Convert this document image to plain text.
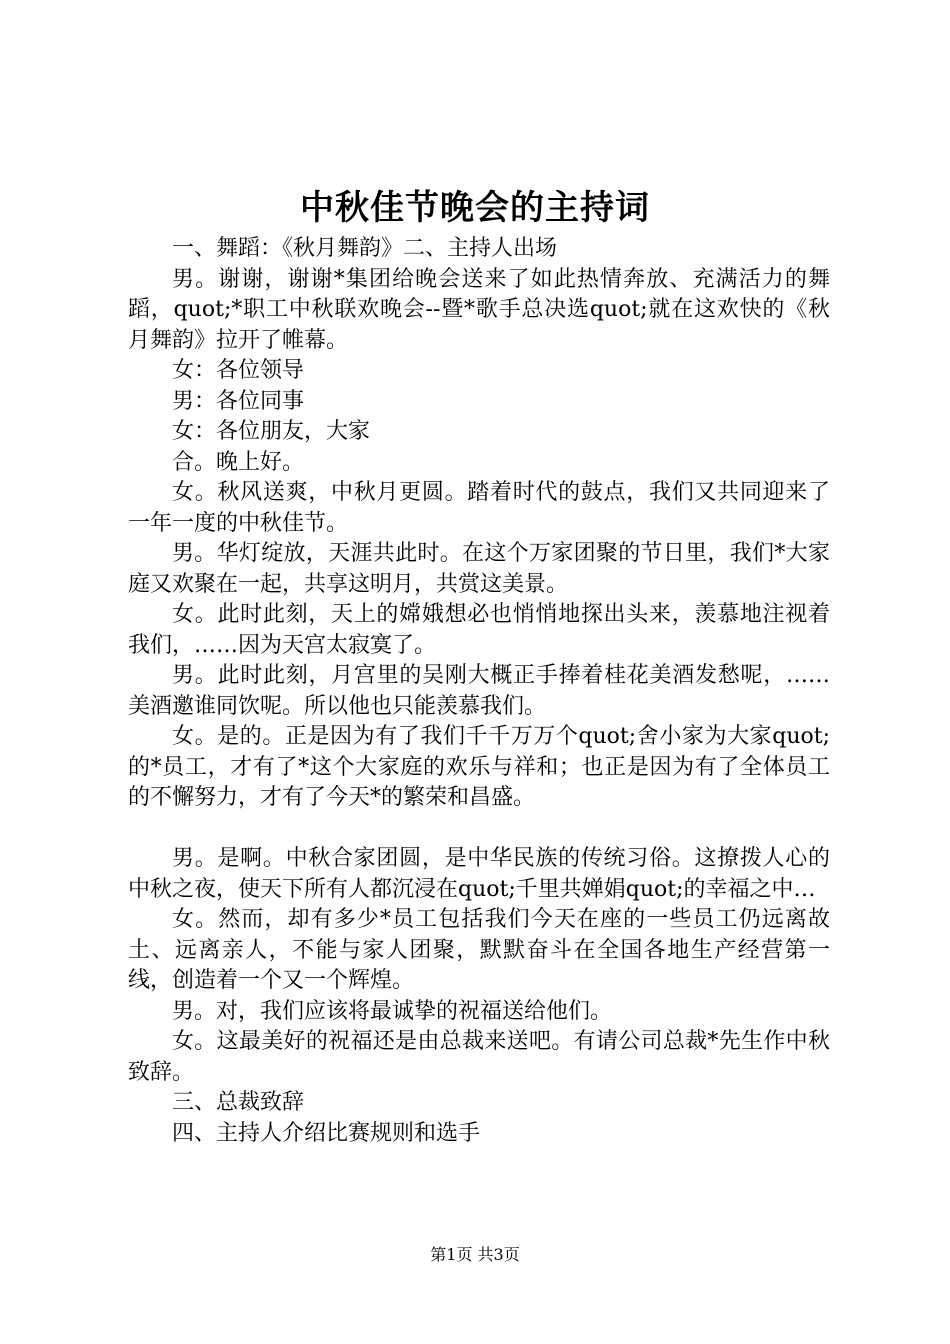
中秋佳节晚会的主持词

一、舞蹈：《秋月舞韵》二、主持人出场

男。谢谢，谢谢*集团给晚会送来了如此热情奔放、充满活力的舞蹈，quot;*职工中秋联欢晚会--暨*歌手总决选quot;就在这欢快的《秋月舞韵》拉开了帷幕。

女：各位领导

男：各位同事

女：各位朋友，大家

合。晚上好。

女。秋风送爽，中秋月更圆。踏着时代的鼓点，我们又共同迎来了一年一度的中秋佳节。

男。华灯绽放，天涯共此时。在这个万家团聚的节日里，我们*大家庭又欢聚在一起，共享这明月，共赏这美景。

女。此时此刻，天上的嫦娥想必也悄悄地探出头来，羡慕地注视着我们，……因为天宫太寂寞了。

男。此时此刻，月宫里的吴刚大概正手捧着桂花美酒发愁呢，……美酒邀谁同饮呢。所以他也只能羡慕我们。

女。是的。正是因为有了我们千千万万个quot;舍小家为大家quot;的*员工，才有了*这个大家庭的欢乐与祥和；也正是因为有了全体员工的不懈努力，才有了今天*的繁荣和昌盛。

男。是啊。中秋合家团圆，是中华民族的传统习俗。这撩拨人心的中秋之夜，使天下所有人都沉浸在quot;千里共婵娟quot;的幸福之中…

女。然而，却有多少*员工包括我们今天在座的一些员工仍远离故土、远离亲人，不能与家人团聚，默默奋斗在全国各地生产经营第一线，创造着一个又一个辉煌。

男。对，我们应该将最诚挚的祝福送给他们。

女。这最美好的祝福还是由总裁来送吧。有请公司总裁*先生作中秋致辞。

三、总裁致辞

四、主持人介绍比赛规则和选手

第1页 共3页
